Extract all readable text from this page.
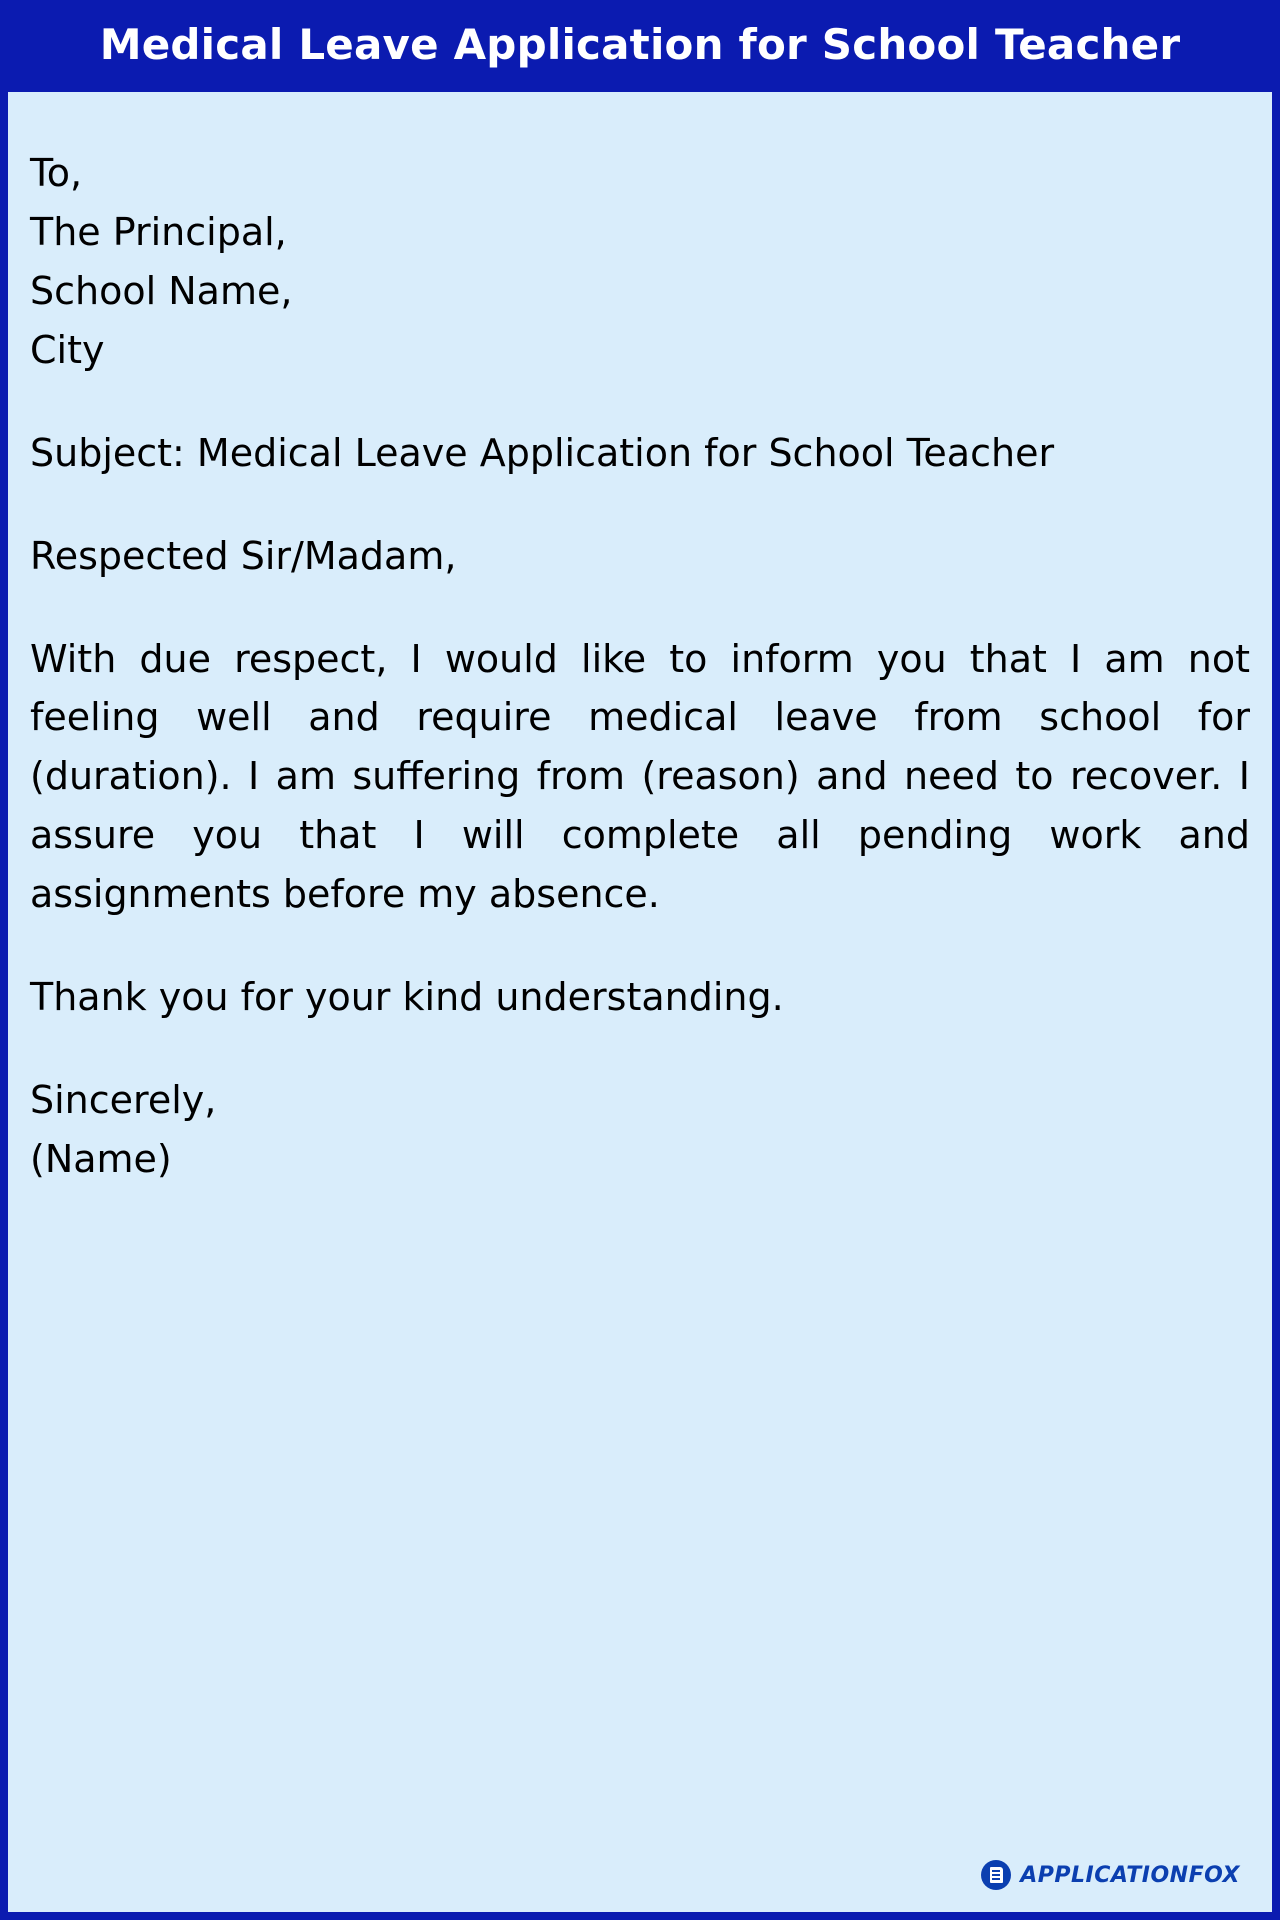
Medical Leave Application for School Teacher
To,
The Principal,
School Name,
City
Subject: Medical Leave Application for School Teacher
Respected Sir/Madam,
With due respect, I would like to inform you that I am not feeling well and require medical leave from school for (duration). I am suffering from (reason) and need to recover. I assure you that I will complete all pending work and assignments before my absence.
Thank you for your kind understanding.
Sincerely,
(Name)
APPLICATIONFOX
